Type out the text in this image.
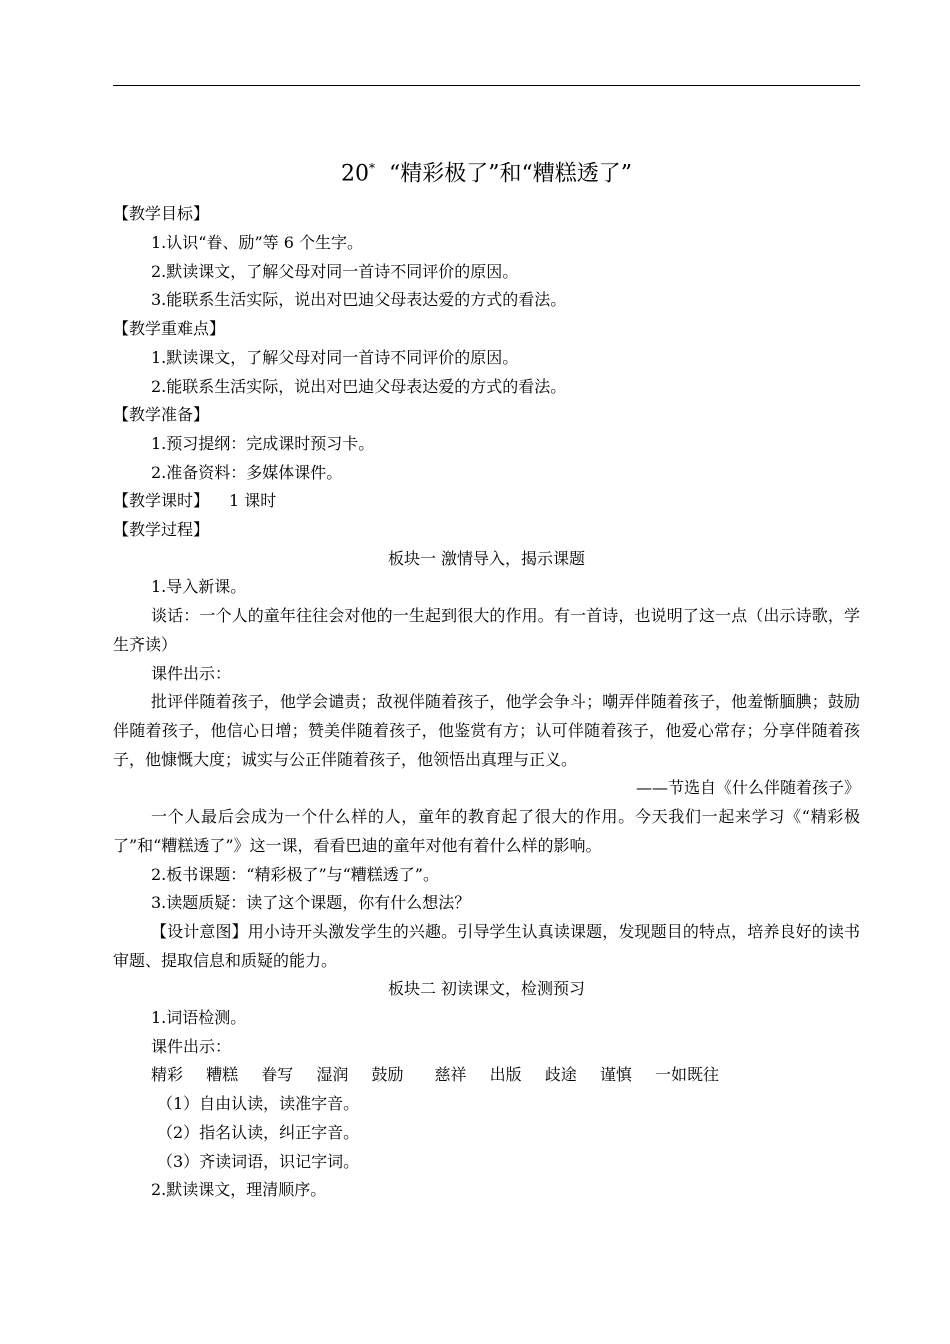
20* “精彩极了”和“糟糕透了”
【教学目标】
1.认识“眷、励”等 6 个生字。
2.默读课文，了解父母对同一首诗不同评价的原因。
3.能联系生活实际，说出对巴迪父母表达爱的方式的看法。
【教学重难点】
1.默读课文，了解父母对同一首诗不同评价的原因。
2.能联系生活实际，说出对巴迪父母表达爱的方式的看法。
【教学准备】
1.预习提纲：完成课时预习卡。
2.准备资料：多媒体课件。
【教学课时】 1 课时
【教学过程】
板块一 激情导入，揭示课题
1.导入新课。
谈话：一个人的童年往往会对他的一生起到很大的作用。有一首诗，也说明了这一点（出示诗歌，学生齐读）
课件出示：
批评伴随着孩子，他学会谴责；敌视伴随着孩子，他学会争斗；嘲弄伴随着孩子，他羞惭腼腆；鼓励伴随着孩子，他信心日增；赞美伴随着孩子，他鉴赏有方；认可伴随着孩子，他爱心常存；分享伴随着孩子，他慷慨大度；诚实与公正伴随着孩子，他领悟出真理与正义。
——节选自《什么伴随着孩子》
一个人最后会成为一个什么样的人，童年的教育起了很大的作用。今天我们一起来学习《“精彩极了”和“糟糕透了”》这一课，看看巴迪的童年对他有着什么样的影响。
2.板书课题：“精彩极了”与“糟糕透了”。
3.读题质疑：读了这个课题，你有什么想法？
【设计意图】用小诗开头激发学生的兴趣。引导学生认真读课题，发现题目的特点，培养良好的读书审题、提取信息和质疑的能力。
板块二 初读课文，检测预习
1.词语检测。
课件出示：
精彩 糟糕 眷写 湿润 鼓励 慈祥 出版 歧途 谨慎 一如既往
（1）自由认读，读准字音。
（2）指名认读，纠正字音。
（3）齐读词语，识记字词。
2.默读课文，理清顺序。
